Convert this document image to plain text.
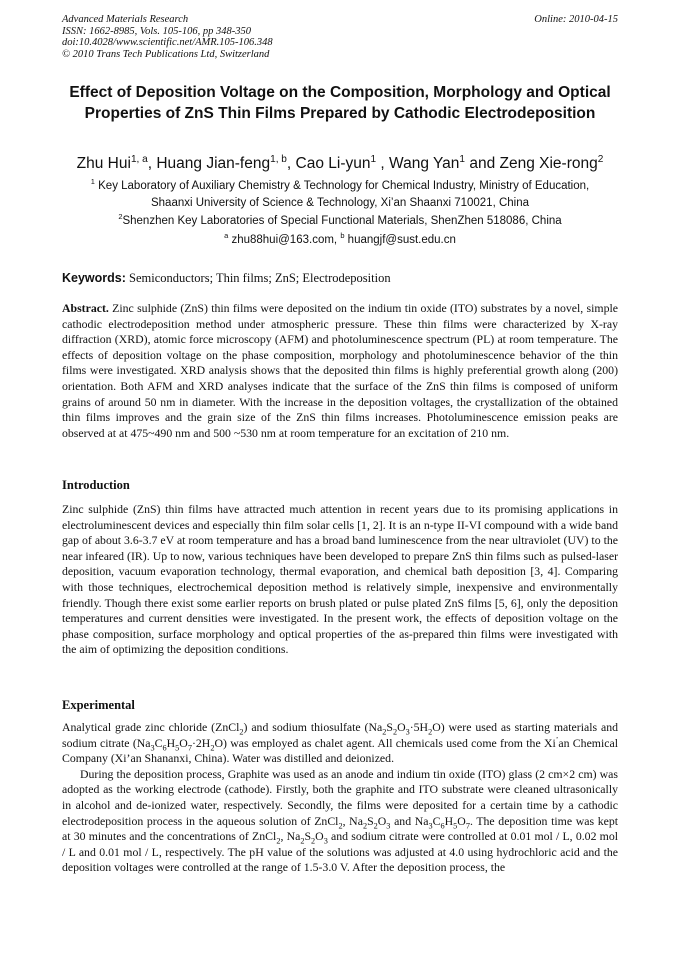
Advanced Materials Research
ISSN: 1662-8985, Vols. 105-106, pp 348-350
doi:10.4028/www.scientific.net/AMR.105-106.348
© 2010 Trans Tech Publications Ltd, Switzerland
Online: 2010-04-15
Effect of Deposition Voltage on the Composition, Morphology and Optical Properties of ZnS Thin Films Prepared by Cathodic Electrodeposition
Zhu Hui$^{1, a}$, Huang Jian-feng$^{1, b}$, Cao Li-yun$^1$ , Wang Yan$^1$ and Zeng Xie-rong$^2$
$^1$ Key Laboratory of Auxiliary Chemistry & Technology for Chemical Industry, Ministry of Education,
Shaanxi University of Science & Technology, Xi’an Shaanxi 710021, China
$^2$Shenzhen Key Laboratories of Special Functional Materials, ShenZhen 518086, China
$^a$ zhu88hui@163.com, $^b$ huangjf@sust.edu.cn
Keywords: Semiconductors; Thin films; ZnS; Electrodeposition

Abstract. Zinc sulphide (ZnS) thin films were deposited on the indium tin oxide (ITO) substrates by a novel, simple cathodic electrodeposition method under atmospheric pressure. These thin films were characterized by X-ray diffraction (XRD), atomic force microscopy (AFM) and photoluminescence spectrum (PL) at room temperature. The effects of deposition voltage on the phase composition, morphology and photoluminescence behavior of the thin films were investigated. XRD analysis shows that the deposited thin films is highly preferential growth along (200) orientation. Both AFM and XRD analyses indicate that the surface of the ZnS thin films is composed of uniform grains of around 50 nm in diameter. With the increase in the deposition voltages, the crystallization of the obtained thin films improves and the grain size of the ZnS thin films increases. Photoluminescence emission peaks are observed at at 475~490 nm and 500 ~530 nm at room temperature for an excitation of 210 nm.

Introduction

Zinc sulphide (ZnS) thin films have attracted much attention in recent years due to its promising applications in electroluminescent devices and especially thin film solar cells [1, 2]. It is an n-type II-VI compound with a wide band gap of about 3.6-3.7 eV at room temperature and has a broad band luminescence from the near ultraviolet (UV) to the near infeared (IR). Up to now, various techniques have been developed to prepare ZnS thin films such as pulsed-laser deposition, vacuum evaporation technology, thermal evaporation, and chemical bath deposition [3, 4]. Comparing with those techniques, electrochemical deposition method is relatively simple, inexpensive and environmentally friendly. Though there exist some earlier reports on brush plated or pulse plated ZnS films [5, 6], only the deposition temperatures and current densities were investigated. In the present work, the effects of deposition voltage on the phase composition, surface morphology and optical properties of the as-prepared thin films were investigated with the aim of optimizing the deposition conditions.

Experimental

Analytical grade zinc chloride (ZnCl$_2$) and sodium thiosulfate $(Na_2S_2O_3\cdot 5H_2O)$ were used as starting materials and sodium citrate $(Na_3C_6H_5O_7\cdot 2H_2O)$ was employed as chalet agent. All chemicals used come from the Xi’an Chemical Company (Xi’an Shananxi, China). Water was distilled and deionized.

During the deposition process, Graphite was used as an anode and indium tin oxide (ITO) glass (2 cm×2 cm) was adopted as the working electrode (cathode). Firstly, both the graphite and ITO substrate were cleaned ultrasonically in alcohol and de-ionized water, respectively. Secondly, the films were deposited for a certain time by a cathodic electrodeposition process in the aqueous solution of ZnCl$_2$, $Na_2S_2O_3$ and $Na_3C_6H_5O_7$. The deposition time was kept at 30 minutes and the concentrations of ZnCl$_2$, $Na_2S_2O_3$ and sodium citrate were controlled at 0.01 mol / L, 0.02 mol / L and 0.01 mol / L, respectively. The pH value of the solutions was adjusted at 4.0 using hydrochloric acid and the deposition voltages were controlled at the range of 1.5-3.0 V. After the deposition process, the
